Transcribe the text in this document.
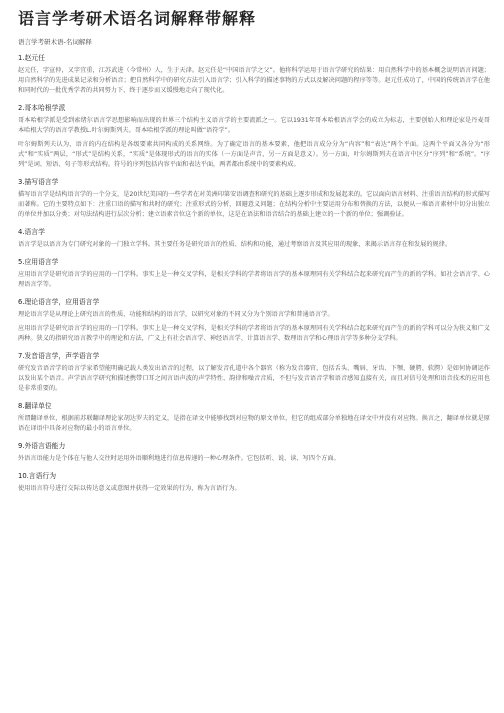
语言学考研术语名词解释带解释
语言学考研术语-名词解释
1.赵元任

赵元任，字宣仲，又字宜重，江苏武进（今常州）人，生于天津。赵元任是“中国语言学之父”。他将科学运用于语言学研究的结果：用自然科学中的基本概念说明语言问题；用自然科学的先进成果记录和分析语音；把自然科学中的研究方法引入语言学；引入科学的描述事物的方式以及解决问题的程序等等。赵元任成功了，中国的传统语言学在他和同时代的一批优秀学者的共同努力下，终于逐步而又缓慢地走向了现代化。

2.哥本哈根学派

哥本哈根学派是受到索绪尔语言学思想影响而出现的世界三个结构主义语言学的主要流派之一。它以1931年哥本哈根语言学会的成立为标志，主要创始人和理论家是丹麦哥本哈根大学的语言学教授L.叶尔姆斯列夫。哥本哈根学派的理论叫做“语符学”。

叶尔姆斯列夫认为，语言的内在结构是各级要素共同构成的关系网络。为了确定语言的基本要素，他把语言成分分为“内容”和“表达”两个平面。这两个平面又各分为“形式”和“实质”两层，“形式”是结构关系，“实质”是体现形式的语言的实体（一方面是声音，另一方面是意义）。另一方面，叶尔姆斯列夫在语言中区分“序列”和“系统”。“序列”是词、短语、句子等形式结构。符号的序列包括内容平面和表达平面，两者都由系统中的要素构成。

3.描写语言学

描写语言学是结构语言学的一个分支，是20世纪美国的一些学者在对美洲印第安语调查和研究的基础上逐步形成和发展起来的。它以面向语言材料、注重语言结构的形式描写而著称。它的主要特点如下：注重口语的描写和共时的研究；注重形式的分析，回避意义问题；在结构分析中主要运用分布和替换的方法，以便从一堆语言素材中切分出独立的单位并加以分类；对句法结构进行层次分析；建立语素音位这个新的单位，这是在语法和语音结合的基础上建立的一个新的单位；强调验证。

4.语言学

语言学是以语言为专门研究对象的一门独立学科。其主要任务是研究语言的性质、结构和功能，通过考察语言及其应用的现象，来揭示语言存在和发展的规律。

5.应用语言学

应用语言学是研究语言学的应用的一门学科。事实上是一种交叉学科，是相关学科的学者将语言学的基本原理同有关学科结合起来研究而产生的新的学科。如社会语言学、心理语言学等。

6.理论语言学，应用语言学

理论语言学是从理论上研究语言的性质、功能和结构的语言学，以研究对象的不同又分为个别语言学和普通语言学。

应用语言学是研究语言学的应用的一门学科。事实上是一种交叉学科，是相关学科的学者将语言学的基本原理同有关学科结合起来研究而产生的新的学科可以分为狭义和广义两种。狭义的指研究语言教学中的理论和方法，广义上有社会语言学、神经语言学、计算语言学、数理语言学和心理语言学等多种分支学科。

7.发音语言学，声学语言学

研究发音语音学的语言学家希望能明确记载人类发出语音的过程，以了解发音孔道中各个器官（称为发音器官，包括舌头、嘴唇、牙齿、下颚、硬腭、软腭）是如何协调运作以发出某个语音。声学语言学研究和描述携带口耳之间言语声波的声学特性、韵律和噪音音质，不但与发音语音学和语音感知直接有关，而且对信号处理和语音技术的应用也是非常重要的。

8.翻译单位

所谓翻译单位，根据前苏联翻译理论家胡达罗夫的定义，是指在译文中能够找到对应物的原文单位，但它的组成部分单独地在译文中并没有对应物。换言之，翻译单位就是原语在译语中具备对应物的最小的语言单位。

9.外语言语能力

外语言语能力是个体在与他人交往时运用外语顺利地进行信息传递的一种心理条件。它包括听、说、读、写四个方面。

10.言语行为

使用语言符号进行交际以传达意义或意图并获得一定效果的行为，称为言语行为。
